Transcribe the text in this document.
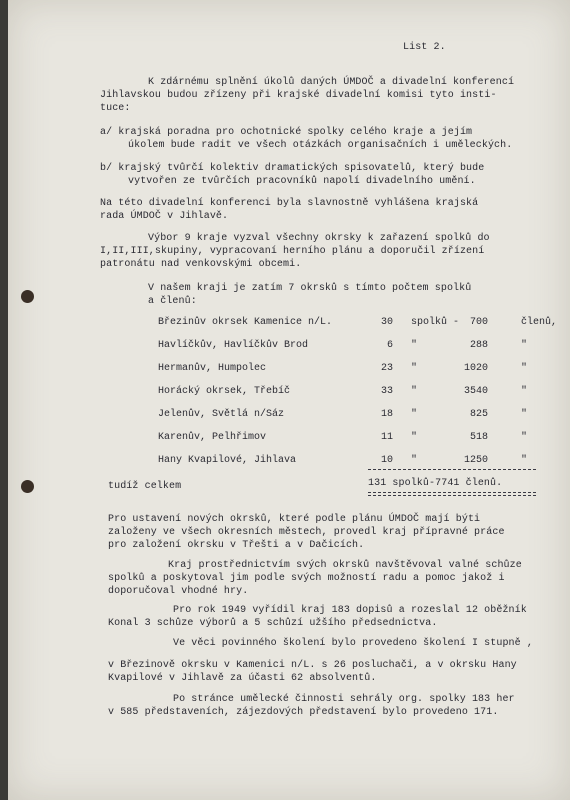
List 2.
K zdárnému splnění úkolů daných ÚMDOČ a divadelní konferencí
Jihlavskou budou zřízeny při krajské divadelní komisi tyto insti-
tuce:
a/ krajská poradna pro ochotnické spolky celého kraje a jejím
úkolem bude radit ve všech otázkách organisačních i uměleckých.
b/ krajský tvůrčí kolektiv dramatických spisovatelů, který bude
vytvořen ze tvůrčích pracovníků napolí divadelního umění.
Na této divadelní konferenci byla slavnostně vyhlášena krajská
rada ÚMDOČ v Jihlavě.
Výbor 9 kraje vyzval všechny okrsky k zařazení spolků do
I,II,III,skupiny, vypracovaní herního plánu a doporučil zřízení
patronátu nad venkovskými obcemi.
V našem kraji je zatím 7 okrsků s tímto počtem spolků
a členů:
Březinův okrsek Kamenice n/L.	30 spolků -	700	členů,
Havlíčkův, Havlíčkův Brod	6 "	288	"
Hermanův, Humpolec	23 "	1020	"
Horácký okrsek, Třebíč	33 "	3540	"
Jelenův, Světlá n/Sáz	18 "	825	"
Karenův, Pelhřimov	11 "	518	"
Hany Kvapilové, Jihlava	10 "	1250	"
tudíž celkem	131 spolků-7741 členů.
Pro ustavení nových okrsků, které podle plánu ÚMDOČ mají býti
založeny ve všech okresních městech, provedl kraj přípravné práce
pro založení okrsku v Třešti a v Dačicích.
Kraj prostřednictvím svých okrsků navštěvoval valné schůze
spolků a poskytoval jim podle svých možností radu a pomoc jakož i
doporučoval vhodné hry.
Pro rok 1949 vyřídil kraj 183 dopisů a rozeslal 12 oběžník
Konal 3 schůze výborů a 5 schůzí užšího předsednictva.
Ve věci povinného školení bylo provedeno školení I stupně ,
v Březinově okrsku v Kamenici n/L. s 26 posluchači, a v okrsku Hany
Kvapilové v Jihlavě za účasti 62 absolventů.
Po stránce umělecké činnosti sehrály org. spolky 183 her
v 585 představeních, zájezdových představení bylo provedeno 171.
